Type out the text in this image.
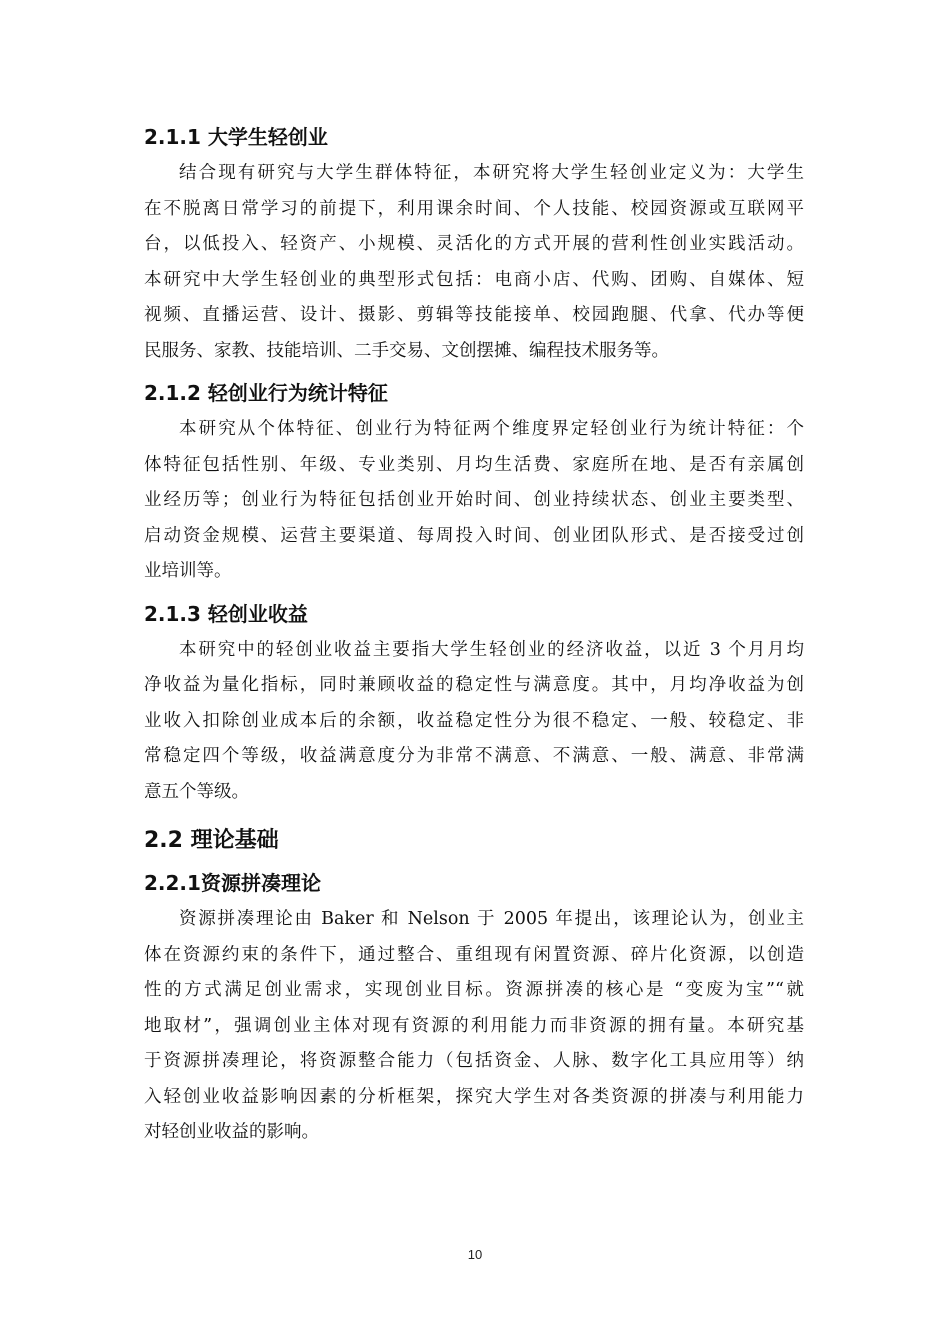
2.1.1 大学生轻创业
结合现有研究与大学生群体特征，本研究将大学生轻创业定义为：大学生
在不脱离日常学习的前提下，利用课余时间、个人技能、校园资源或互联网平
台，以低投入、轻资产、小规模、灵活化的方式开展的营利性创业实践活动。
本研究中大学生轻创业的典型形式包括：电商小店、代购、团购、自媒体、短
视频、直播运营、设计、摄影、剪辑等技能接单、校园跑腿、代拿、代办等便
民服务、家教、技能培训、二手交易、文创摆摊、编程技术服务等。
2.1.2 轻创业行为统计特征
本研究从个体特征、创业行为特征两个维度界定轻创业行为统计特征：个
体特征包括性别、年级、专业类别、月均生活费、家庭所在地、是否有亲属创
业经历等；创业行为特征包括创业开始时间、创业持续状态、创业主要类型、
启动资金规模、运营主要渠道、每周投入时间、创业团队形式、是否接受过创
业培训等。
2.1.3 轻创业收益
本研究中的轻创业收益主要指大学生轻创业的经济收益，以近 3 个月月均
净收益为量化指标，同时兼顾收益的稳定性与满意度。其中，月均净收益为创
业收入扣除创业成本后的余额，收益稳定性分为很不稳定、一般、较稳定、非
常稳定四个等级，收益满意度分为非常不满意、不满意、一般、满意、非常满
意五个等级。
2.2 理论基础
2.2.1资源拼凑理论
资源拼凑理论由 Baker 和 Nelson 于 2005 年提出，该理论认为，创业主
体在资源约束的条件下，通过整合、重组现有闲置资源、碎片化资源，以创造
性的方式满足创业需求，实现创业目标。资源拼凑的核心是 “变废为宝”“就
地取材”，强调创业主体对现有资源的利用能力而非资源的拥有量。本研究基
于资源拼凑理论，将资源整合能力（包括资金、人脉、数字化工具应用等）纳
入轻创业收益影响因素的分析框架，探究大学生对各类资源的拼凑与利用能力
对轻创业收益的影响。
10
